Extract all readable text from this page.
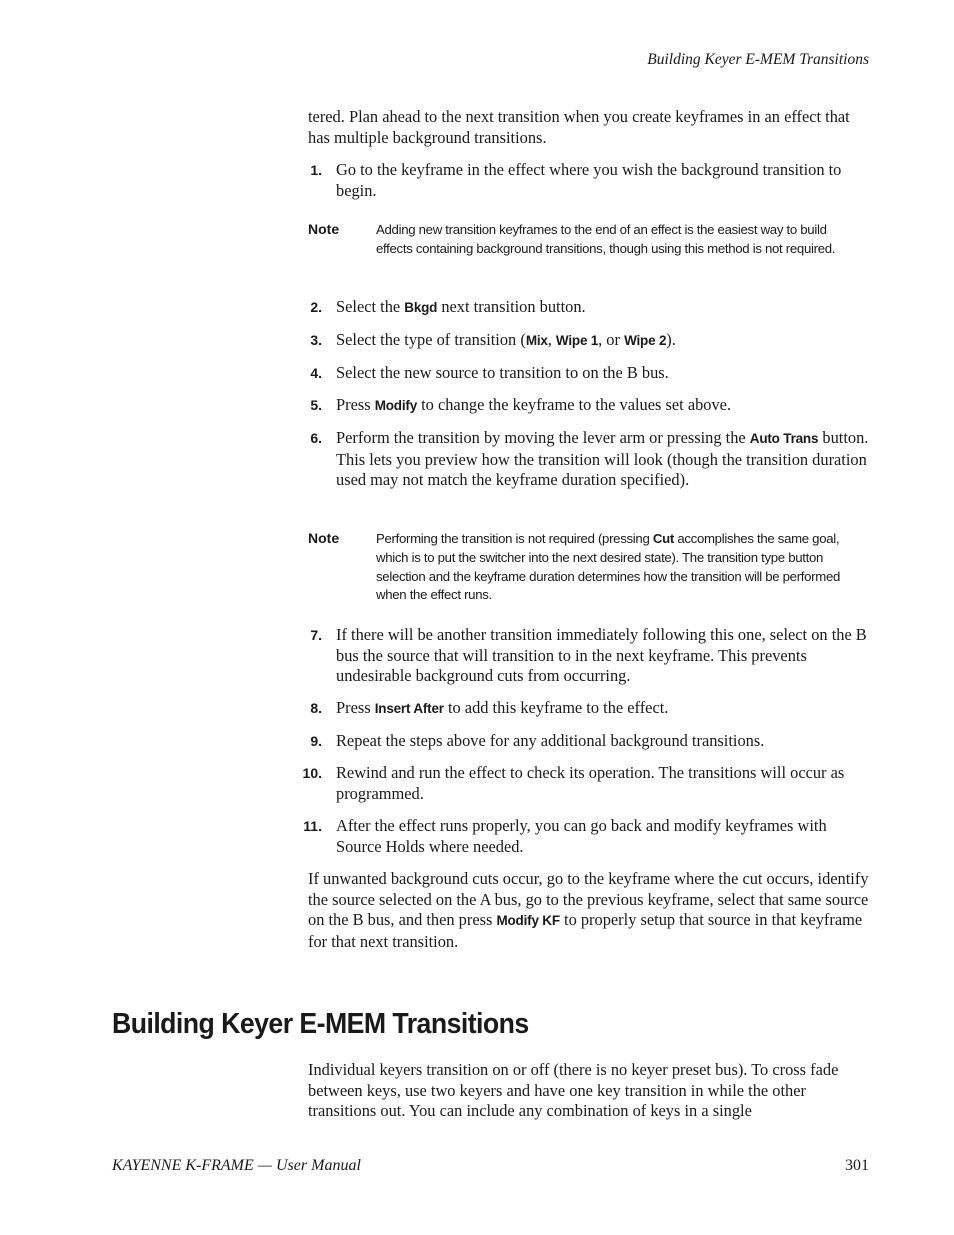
Building Keyer E-MEM Transitions

tered. Plan ahead to the next transition when you create keyframes in an effect that has multiple background transitions.

1. Go to the keyframe in the effect where you wish the background transition to begin.
Note	Adding new transition keyframes to the end of an effect is the easiest way to build effects containing background transitions, though using this method is not required.
2. Select the Bkgd next transition button.
3. Select the type of transition (Mix, Wipe 1, or Wipe 2).
4. Select the new source to transition to on the B bus.
5. Press Modify to change the keyframe to the values set above.
6. Perform the transition by moving the lever arm or pressing the Auto Trans button. This lets you preview how the transition will look (though the transition duration used may not match the keyframe duration specified).
Note	Performing the transition is not required (pressing Cut accomplishes the same goal, which is to put the switcher into the next desired state). The transition type button selection and the keyframe duration determines how the transition will be performed when the effect runs.
7. If there will be another transition immediately following this one, select on the B bus the source that will transition to in the next keyframe. This prevents undesirable background cuts from occurring.
8. Press Insert After to add this keyframe to the effect.
9. Repeat the steps above for any additional background transitions.
10. Rewind and run the effect to check its operation. The transitions will occur as programmed.
11. After the effect runs properly, you can go back and modify keyframes with Source Holds where needed.

If unwanted background cuts occur, go to the keyframe where the cut occurs, identify the source selected on the A bus, go to the previous keyframe, select that same source on the B bus, and then press Modify KF to properly setup that source in that keyframe for that next transition.

Building Keyer E-MEM Transitions

Individual keyers transition on or off (there is no keyer preset bus). To cross fade between keys, use two keyers and have one key transition in while the other transitions out. You can include any combination of keys in a single

KAYENNE K-FRAME — User Manual	301
